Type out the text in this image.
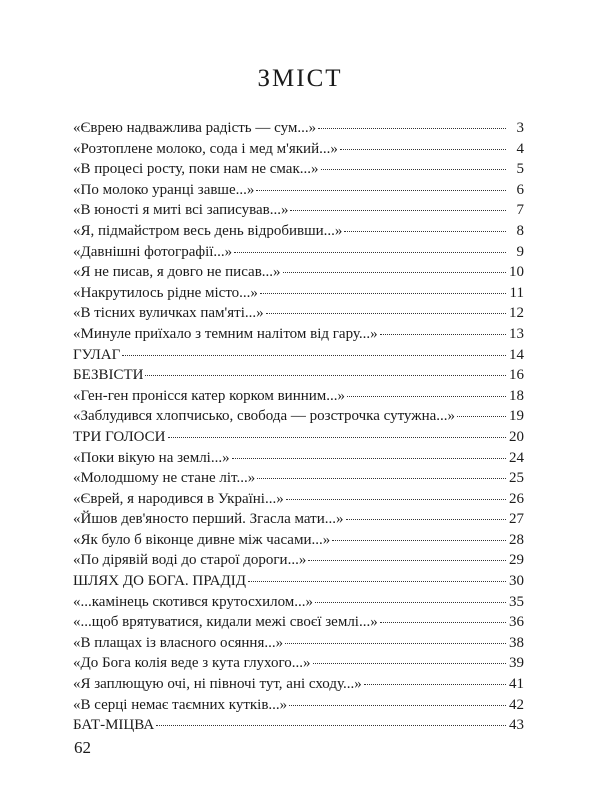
ЗМІСТ
«Єврею надважлива радість — сум...»	3
«Розтоплене молоко, сода і мед м'який...»	4
«В процесі росту, поки нам не смак...»	5
«По молоко уранці завше...»	6
«В юності я миті всі записував...»	7
«Я, підмайстром весь день відробивши...»	8
«Давнішні фотографії...»	9
«Я не писав, я довго не писав...»	10
«Накрутилось рідне місто...»	11
«В тісних вуличках пам'яті...»	12
«Минуле приїхало з темним налітом від гару...»	13
ГУЛАГ	14
БЕЗВІСТИ	16
«Ген-ген пронісся катер корком винним...»	18
«Заблудився хлопчисько, свобода — розстрочка сутужна...»	19
ТРИ ГОЛОСИ	20
«Поки вікую на землі...»	24
«Молодшому не стане літ...»	25
«Єврей, я народився в Україні...»	26
«Йшов дев'яносто перший. Згасла мати...»	27
«Як було б віконце дивне між часами...»	28
«По дірявій воді до старої дороги...»	29
ШЛЯХ ДО БОГА. ПРАДІД	30
«...камінець скотився крутосхилом...»	35
«...щоб врятуватися, кидали межі своєї землі...»	36
«В плащах із власного осяння...»	38
«До Бога колія веде з кута глухого...»	39
«Я заплющую очі, ні півночі тут, ані сходу...»	41
«В серці немає таємних кутків...»	42
БАТ-МІЦВА	43
62
